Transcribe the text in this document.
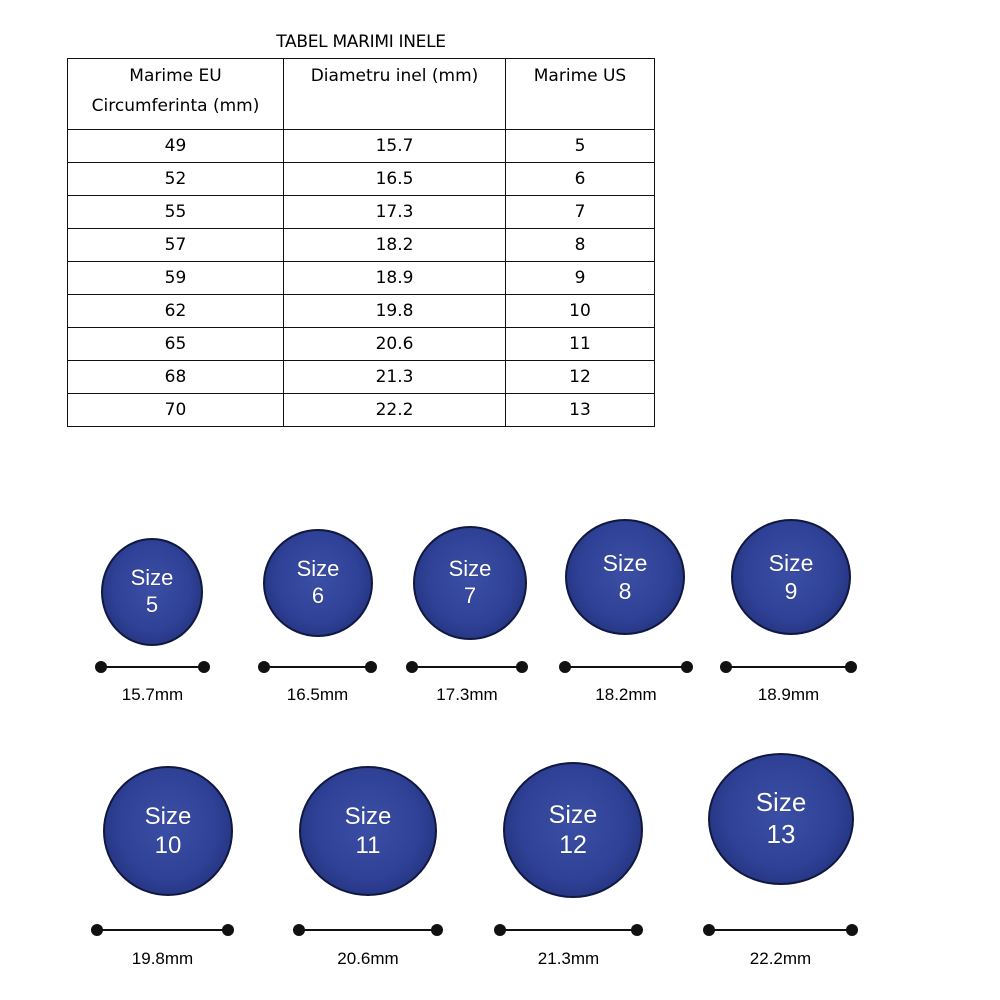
TABEL MARIMI INELE
Marime EU
Circumferinta (mm)	Diametru inel (mm)	Marime US
49	15.7	5
52	16.5	6
55	17.3	7
57	18.2	8
59	18.9	9
62	19.8	10
65	20.6	11
68	21.3	12
70	22.2	13
Size
5
15.7mm
Size
6
16.5mm
Size
7
17.3mm
Size
8
18.2mm
Size
9
18.9mm
Size
10
19.8mm
Size
11
20.6mm
Size
12
21.3mm
Size
13
22.2mm
